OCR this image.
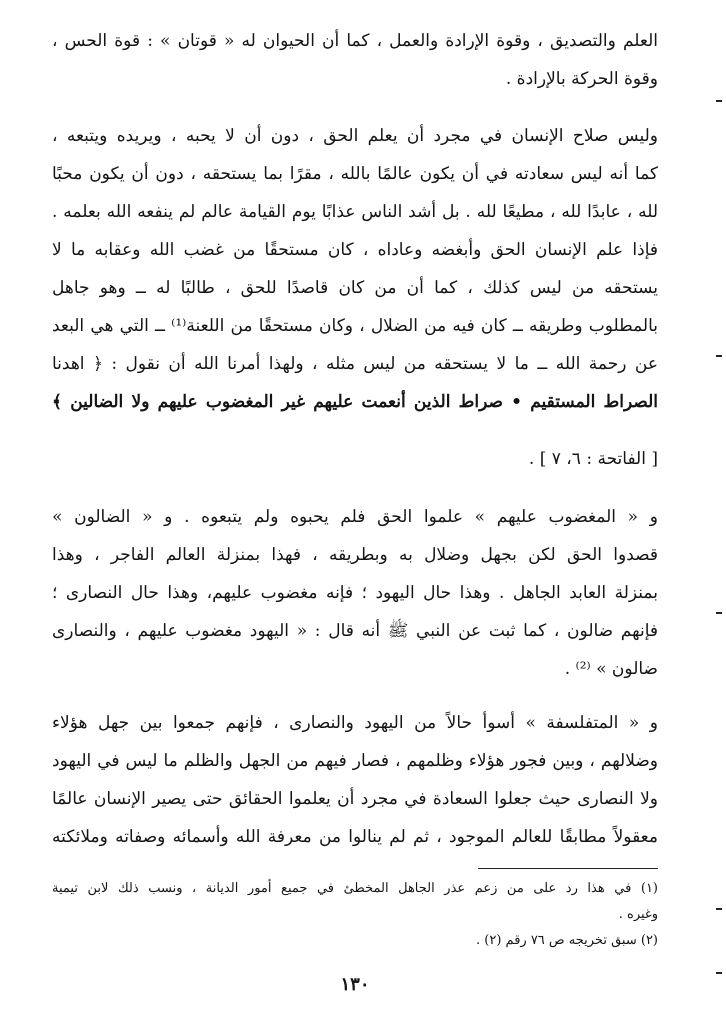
العلم والتصديق ، وقوة الإرادة والعمل ، كما أن الحيوان له « قوتان » : قوة الحس ،
وقوة الحركة بالإرادة .
وليس صلاح الإنسان في مجرد أن يعلم الحق ، دون أن لا يحبه ، ويريده ويتبعه ،
كما أنه ليس سعادته في أن يكون عالمًا بالله ، مقرًا بما يستحقه ، دون أن يكون محبًا
لله ، عابدًا لله ، مطيعًا لله . بل أشد الناس عذابًا يوم القيامة عالم لم ينفعه الله بعلمه .
فإذا علم الإنسان الحق وأبغضه وعاداه ، كان مستحقًا من غضب الله وعقابه ما لا
يستحقه من ليس كذلك ، كما أن من كان قاصدًا للحق ، طالبًا له ــ وهو جاهل
بالمطلوب وطريقه ــ كان فيه من الضلال ، وكان مستحقًا من اللعنة⁽¹⁾ ــ التي هي البعد
عن رحمة الله ــ ما لا يستحقه من ليس مثله ، ولهذا أمرنا الله أن نقول : ﴿ اهدنا
الصراط المستقيم • صراط الذين أنعمت عليهم غير المغضوب عليهم ولا الضالين ﴾
[ الفاتحة : ٦، ٧ ] .
و « المغضوب عليهم » علموا الحق فلم يحبوه ولم يتبعوه . و « الضالون »
قصدوا الحق لكن بجهل وضلال به وبطريقه ، فهذا بمنزلة العالم الفاجر ، وهذا
بمنزلة العابد الجاهل . وهذا حال اليهود ؛ فإنه مغضوب عليهم، وهذا حال النصارى ؛
فإنهم ضالون ، كما ثبت عن النبي ﷺ أنه قال : « اليهود مغضوب عليهم ، والنصارى
ضالون » ⁽²⁾ .
و « المتفلسفة » أسوأ حالاً من اليهود والنصارى ، فإنهم جمعوا بين جهل هؤلاء
وضلالهم ، وبين فجور هؤلاء وظلمهم ، فصار فيهم من الجهل والظلم ما ليس في اليهود
ولا النصارى حيث جعلوا السعادة في مجرد أن يعلموا الحقائق حتى يصير الإنسان عالمًا
معقولاً مطابقًا للعالم الموجود ، ثم لم ينالوا من معرفة الله وأسمائه وصفاته وملائكته
(١) في هذا رد على من زعم عذر الجاهل المخطئ في جميع أمور الديانة ، ونسب ذلك لابن تيمية
وغيره .
(٢) سبق تخريجه ص ٧٦ رقم (٢) .
١٣٠
